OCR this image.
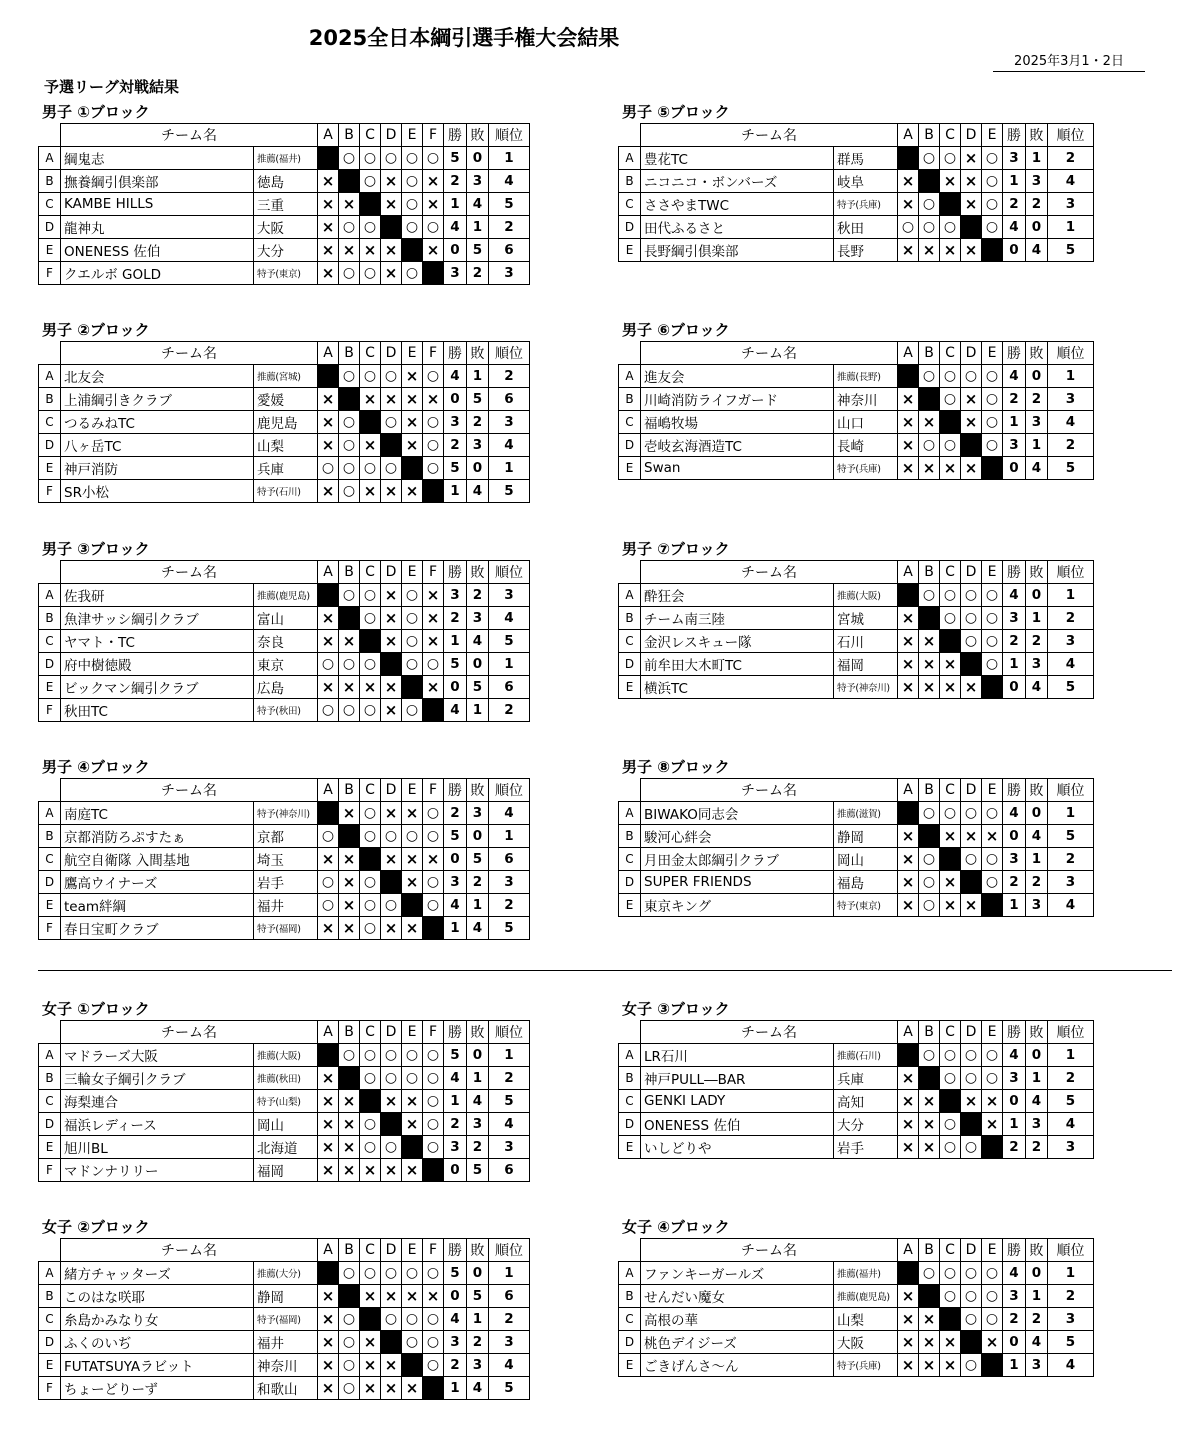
2025全日本綱引選手権大会結果
2025年3月1・2日
予選リーグ対戦結果
男子 ①ブロック
	チーム名		A	B	C	D	E	F	勝	敗	順位
A	綱鬼志	推薦(福井)		○	○	○	○	○	5	0	1
B	撫養綱引倶楽部	徳島	×		○	×	○	×	2	3	4
C	KAMBE HILLS	三重	×	×		×	○	×	1	4	5
D	龍神丸	大阪	×	○	○		○	○	4	1	2
E	ONENESS 佐伯	大分	×	×	×	×		×	0	5	6
F	クエルボ GOLD	特予(東京)	×	○	○	×	○		3	2	3
男子 ②ブロック
	チーム名		A	B	C	D	E	F	勝	敗	順位
A	北友会	推薦(宮城)		○	○	○	×	○	4	1	2
B	上浦綱引きクラブ	愛媛	×		×	×	×	×	0	5	6
C	つるみねTC	鹿児島	×	○		○	×	○	3	2	3
D	八ヶ岳TC	山梨	×	○	×		×	○	2	3	4
E	神戸消防	兵庫	○	○	○	○		○	5	0	1
F	SR小松	特予(石川)	×	○	×	×	×		1	4	5
男子 ③ブロック
	チーム名		A	B	C	D	E	F	勝	敗	順位
A	佐我研	推薦(鹿児島)		○	○	×	○	×	3	2	3
B	魚津サッシ綱引クラブ	富山	×		○	×	○	×	2	3	4
C	ヤマト・TC	奈良	×	×		×	○	×	1	4	5
D	府中樹徳殿	東京	○	○	○		○	○	5	0	1
E	ビックマン綱引クラブ	広島	×	×	×	×		×	0	5	6
F	秋田TC	特予(秋田)	○	○	○	×	○		4	1	2
男子 ④ブロック
	チーム名		A	B	C	D	E	F	勝	敗	順位
A	南庭TC	特予(神奈川)		×	○	×	×	○	2	3	4
B	京都消防ろぷすたぁ	京都	○		○	○	○	○	5	0	1
C	航空自衛隊 入間基地	埼玉	×	×		×	×	×	0	5	6
D	鷹高ウイナーズ	岩手	○	×	○		×	○	3	2	3
E	team絆綱	福井	○	×	○	○		○	4	1	2
F	春日宝町クラブ	特予(福岡)	×	×	○	×	×		1	4	5
男子 ⑤ブロック
	チーム名		A	B	C	D	E	勝	敗	順位
A	豊花TC	群馬		○	○	×	○	3	1	2
B	ニコニコ・ボンバーズ	岐阜	×		×	×	○	1	3	4
C	ささやまTWC	特予(兵庫)	×	○		×	○	2	2	3
D	田代ふるさと	秋田	○	○	○		○	4	0	1
E	長野綱引倶楽部	長野	×	×	×	×		0	4	5
男子 ⑥ブロック
	チーム名		A	B	C	D	E	勝	敗	順位
A	進友会	推薦(長野)		○	○	○	○	4	0	1
B	川崎消防ライフガード	神奈川	×		○	×	○	2	2	3
C	福嶋牧場	山口	×	×		×	○	1	3	4
D	壱岐玄海酒造TC	長崎	×	○	○		○	3	1	2
E	Swan	特予(兵庫)	×	×	×	×		0	4	5
男子 ⑦ブロック
	チーム名		A	B	C	D	E	勝	敗	順位
A	酔狂会	推薦(大阪)		○	○	○	○	4	0	1
B	チーム南三陸	宮城	×		○	○	○	3	1	2
C	金沢レスキュー隊	石川	×	×		○	○	2	2	3
D	前牟田大木町TC	福岡	×	×	×		○	1	3	4
E	横浜TC	特予(神奈川)	×	×	×	×		0	4	5
男子 ⑧ブロック
	チーム名		A	B	C	D	E	勝	敗	順位
A	BIWAKO同志会	推薦(滋賀)		○	○	○	○	4	0	1
B	駿河心絆会	静岡	×		×	×	×	0	4	5
C	月田金太郎綱引クラブ	岡山	×	○		○	○	3	1	2
D	SUPER FRIENDS	福島	×	○	×		○	2	2	3
E	東京キング	特予(東京)	×	○	×	×		1	3	4
女子 ①ブロック
	チーム名		A	B	C	D	E	F	勝	敗	順位
A	マドラーズ大阪	推薦(大阪)		○	○	○	○	○	5	0	1
B	三輪女子綱引クラブ	推薦(秋田)	×		○	○	○	○	4	1	2
C	海梨連合	特予(山梨)	×	×		×	×	○	1	4	5
D	福浜レディース	岡山	×	×	○		×	○	2	3	4
E	旭川BL	北海道	×	×	○	○		○	3	2	3
F	マドンナリリー	福岡	×	×	×	×	×		0	5	6
女子 ②ブロック
	チーム名		A	B	C	D	E	F	勝	敗	順位
A	緒方チャッターズ	推薦(大分)		○	○	○	○	○	5	0	1
B	このはな咲耶	静岡	×		×	×	×	×	0	5	6
C	糸島かみなり女	特予(福岡)	×	○		○	○	○	4	1	2
D	ふくのいぢ	福井	×	○	×		○	○	3	2	3
E	FUTATSUYAラビット	神奈川	×	○	×	×		○	2	3	4
F	ちょーどりーず	和歌山	×	○	×	×	×		1	4	5
女子 ③ブロック
	チーム名		A	B	C	D	E	勝	敗	順位
A	LR石川	推薦(石川)		○	○	○	○	4	0	1
B	神戸PULL―BAR	兵庫	×		○	○	○	3	1	2
C	GENKI LADY	高知	×	×		×	×	0	4	5
D	ONENESS 佐伯	大分	×	×	○		×	1	3	4
E	いしどりや	岩手	×	×	○	○		2	2	3
女子 ④ブロック
	チーム名		A	B	C	D	E	勝	敗	順位
A	ファンキーガールズ	推薦(福井)		○	○	○	○	4	0	1
B	せんだい魔女	推薦(鹿児島)	×		○	○	○	3	1	2
C	高根の華	山梨	×	×		○	○	2	2	3
D	桃色デイジーズ	大阪	×	×	×		×	0	4	5
E	ごきげんさ～ん	特予(兵庫)	×	×	×	○		1	3	4
